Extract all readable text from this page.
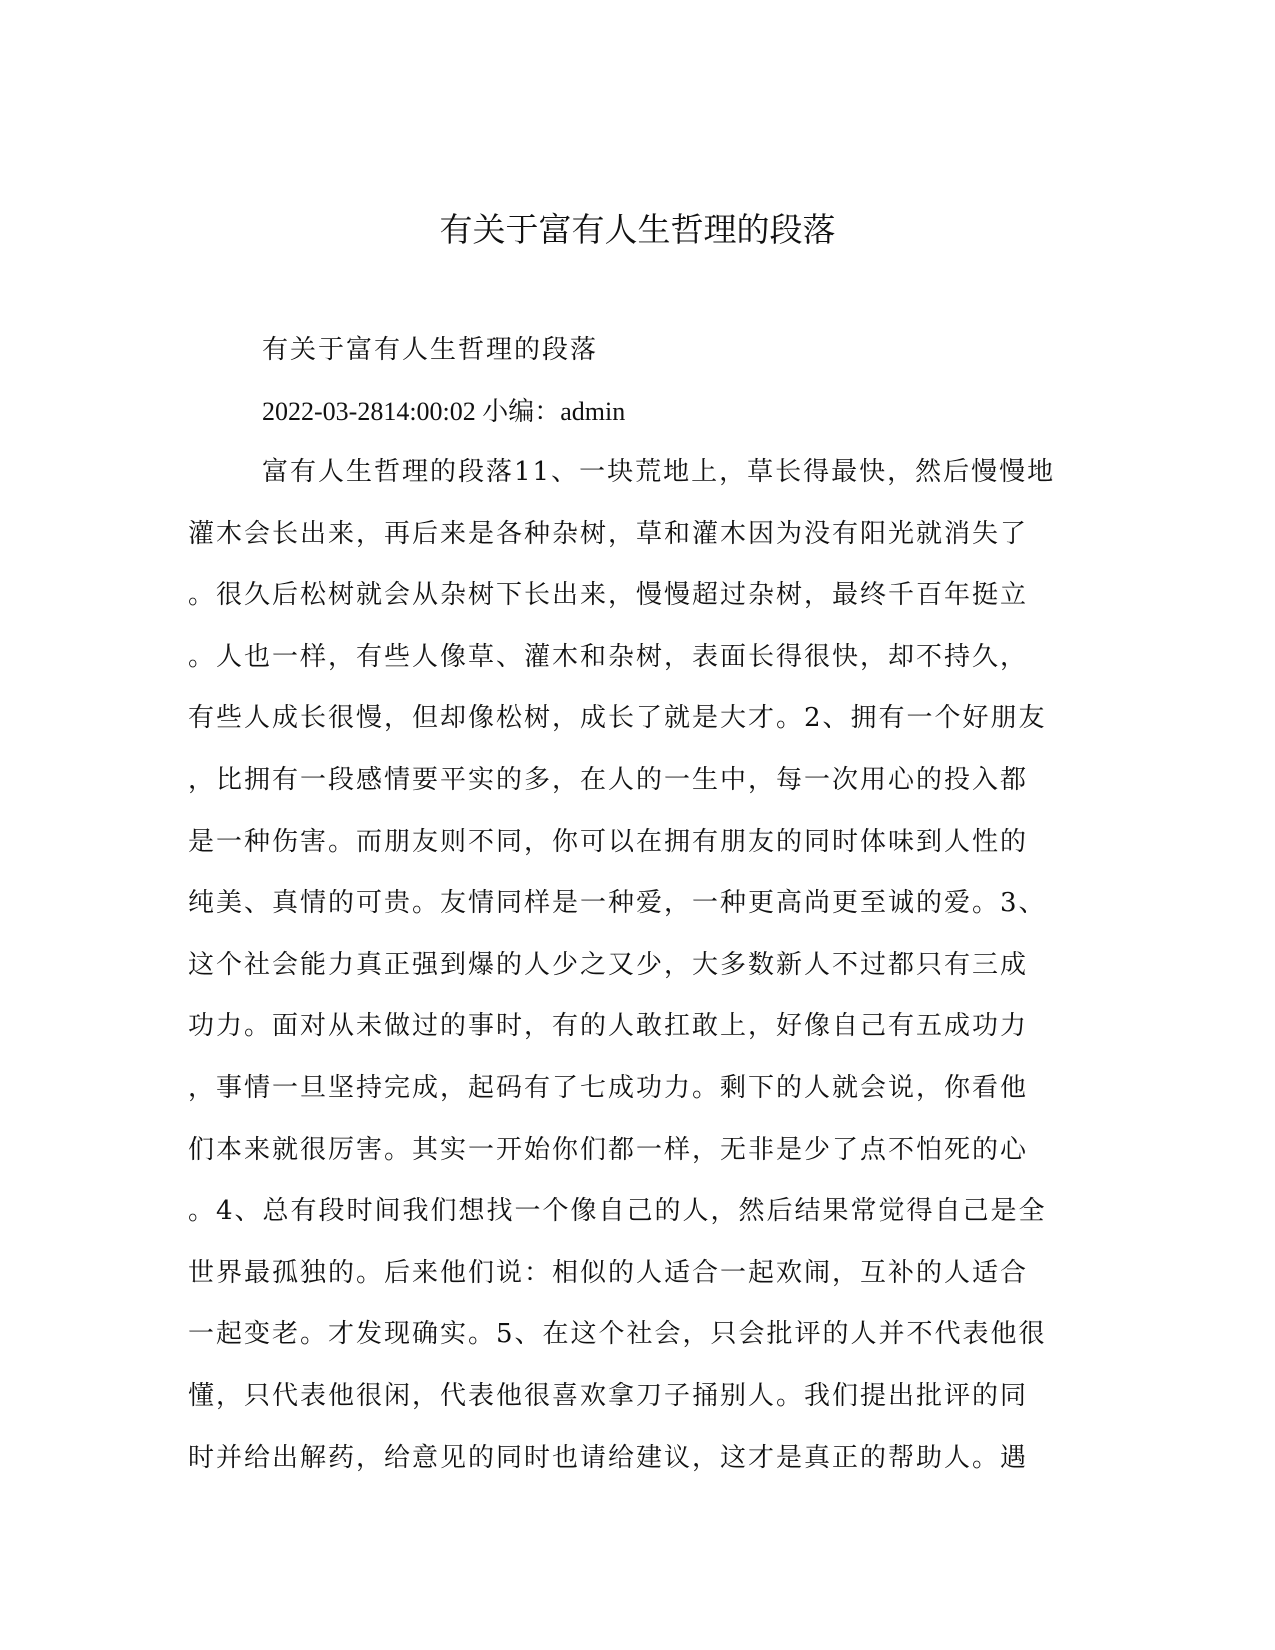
有关于富有人生哲理的段落
有关于富有人生哲理的段落
2022-03-2814:00:02 小编：admin
富有人生哲理的段落11、一块荒地上，草长得最快，然后慢慢地
灌木会长出来，再后来是各种杂树，草和灌木因为没有阳光就消失了
。很久后松树就会从杂树下长出来，慢慢超过杂树，最终千百年挺立
。人也一样，有些人像草、灌木和杂树，表面长得很快，却不持久，
有些人成长很慢，但却像松树，成长了就是大才。2、拥有一个好朋友
，比拥有一段感情要平实的多，在人的一生中，每一次用心的投入都
是一种伤害。而朋友则不同，你可以在拥有朋友的同时体味到人性的
纯美、真情的可贵。友情同样是一种爱，一种更高尚更至诚的爱。3、
这个社会能力真正强到爆的人少之又少，大多数新人不过都只有三成
功力。面对从未做过的事时，有的人敢扛敢上，好像自己有五成功力
，事情一旦坚持完成，起码有了七成功力。剩下的人就会说，你看他
们本来就很厉害。其实一开始你们都一样，无非是少了点不怕死的心
。4、总有段时间我们想找一个像自己的人，然后结果常觉得自己是全
世界最孤独的。后来他们说：相似的人适合一起欢闹，互补的人适合
一起变老。才发现确实。5、在这个社会，只会批评的人并不代表他很
懂，只代表他很闲，代表他很喜欢拿刀子捅别人。我们提出批评的同
时并给出解药，给意见的同时也请给建议，这才是真正的帮助人。遇
